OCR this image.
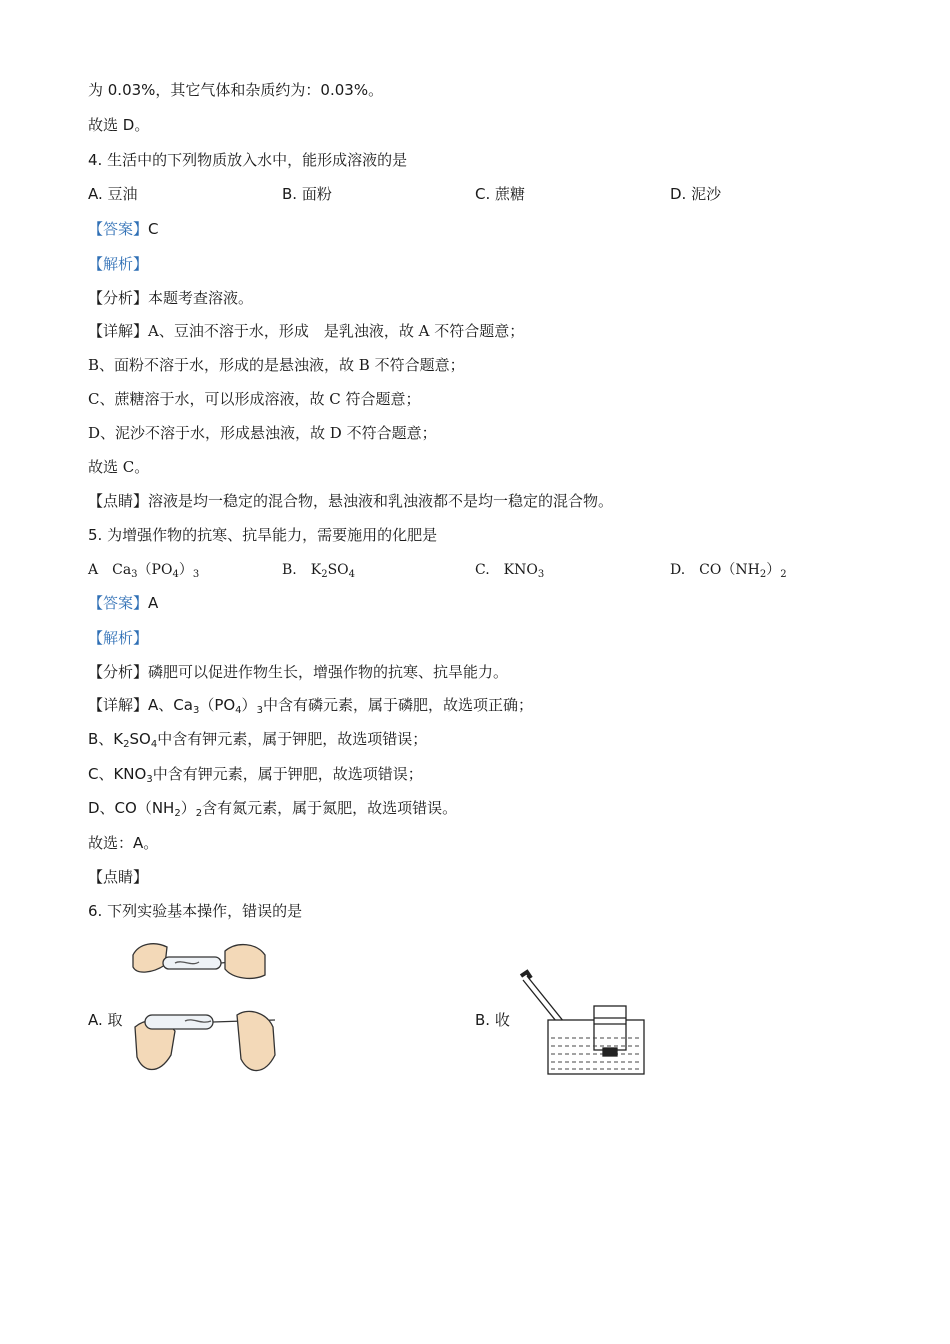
为 0.03%，其它气体和杂质约为：0.03%。
故选 D。
4. 生活中的下列物质放入水中，能形成溶液的是
A. 豆油	B. 面粉	C. 蔗糖	D. 泥沙
【答案】C
【解析】
【分析】本题考查溶液。
【详解】A、豆油不溶于水，形成　是乳浊液，故 A 不符合题意；
B、面粉不溶于水，形成的是悬浊液，故 B 不符合题意；
C、蔗糖溶于水，可以形成溶液，故 C 符合题意；
D、泥沙不溶于水，形成悬浊液，故 D 不符合题意；
故选 C。
【点睛】溶液是均一稳定的混合物，悬浊液和乳浊液都不是均一稳定的混合物。
5. 为增强作物的抗寒、抗旱能力，需要施用的化肥是
A　$Ca_3(PO_4)_3$	B.　$K_2SO_4$	C.　$KNO_3$	D.　$CO(NH_2)_2$
【答案】A
【解析】
【分析】磷肥可以促进作物生长，增强作物的抗寒、抗旱能力。
【详解】A、$Ca_3(PO_4)_3$中含有磷元素，属于磷肥，故选项正确；
B、$K_2SO_4$中含有钾元素，属于钾肥，故选项错误；
C、$KNO_3$中含有钾元素，属于钾肥，故选项错误；
D、$CO(NH_2)_2$含有氮元素，属于氮肥，故选项错误。
故选：A。
【点睛】
6. 下列实验基本操作，错误的是
A. 取	B. 收
